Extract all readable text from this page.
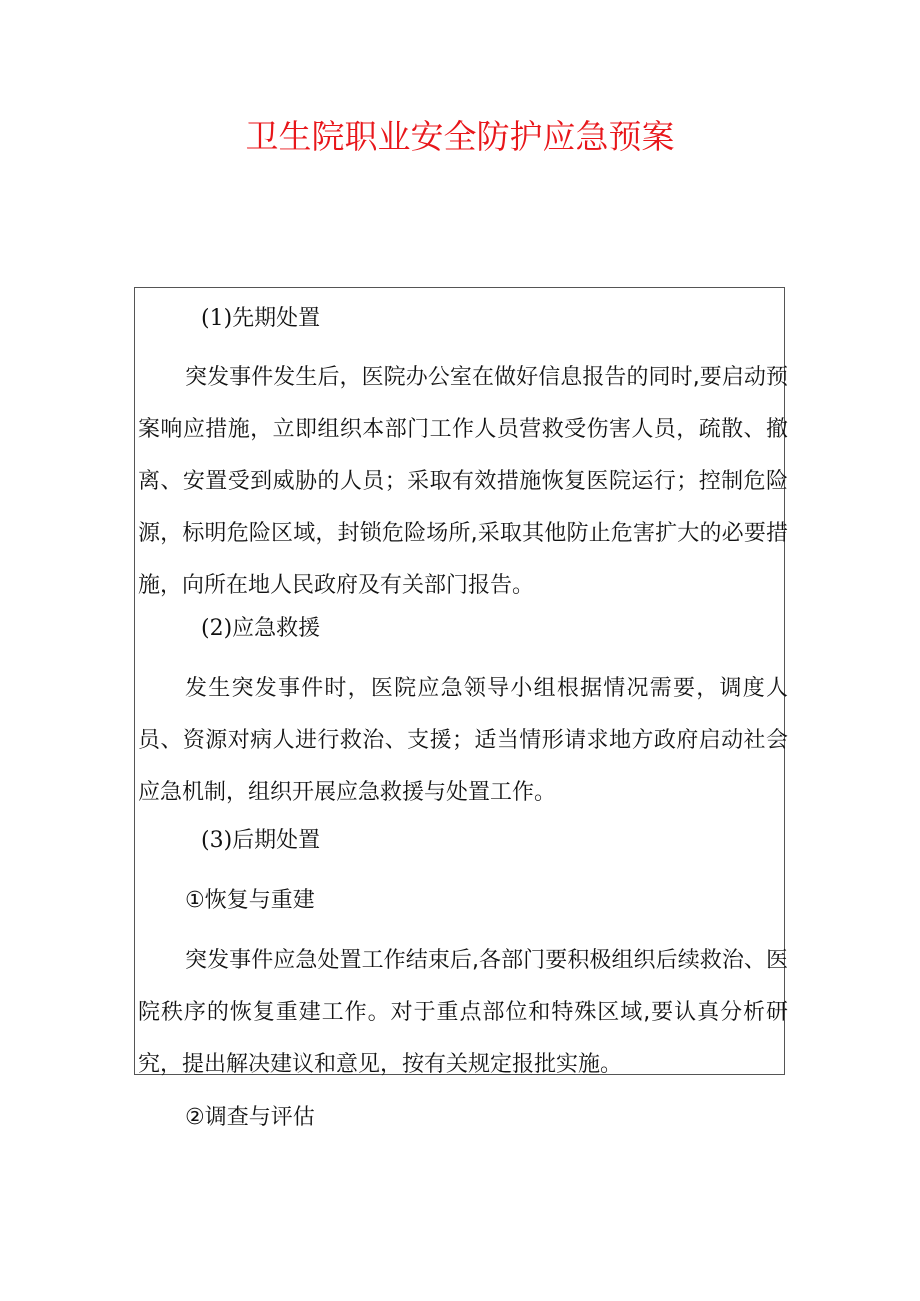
卫生院职业安全防护应急预案
(1)先期处置
突发事件发生后，医院办公室在做好信息报告的同时,要启动预案响应措施，立即组织本部门工作人员营救受伤害人员，疏散、撤离、安置受到威胁的人员；采取有效措施恢复医院运行；控制危险源，标明危险区域，封锁危险场所,采取其他防止危害扩大的必要措施，向所在地人民政府及有关部门报告。
(2)应急救援
发生突发事件时，医院应急领导小组根据情况需要，调度人员、资源对病人进行救治、支援；适当情形请求地方政府启动社会应急机制，组织开展应急救援与处置工作。
(3)后期处置
①恢复与重建
突发事件应急处置工作结束后,各部门要积极组织后续救治、医院秩序的恢复重建工作。对于重点部位和特殊区域,要认真分析研究，提出解决建议和意见，按有关规定报批实施。
②调查与评估
